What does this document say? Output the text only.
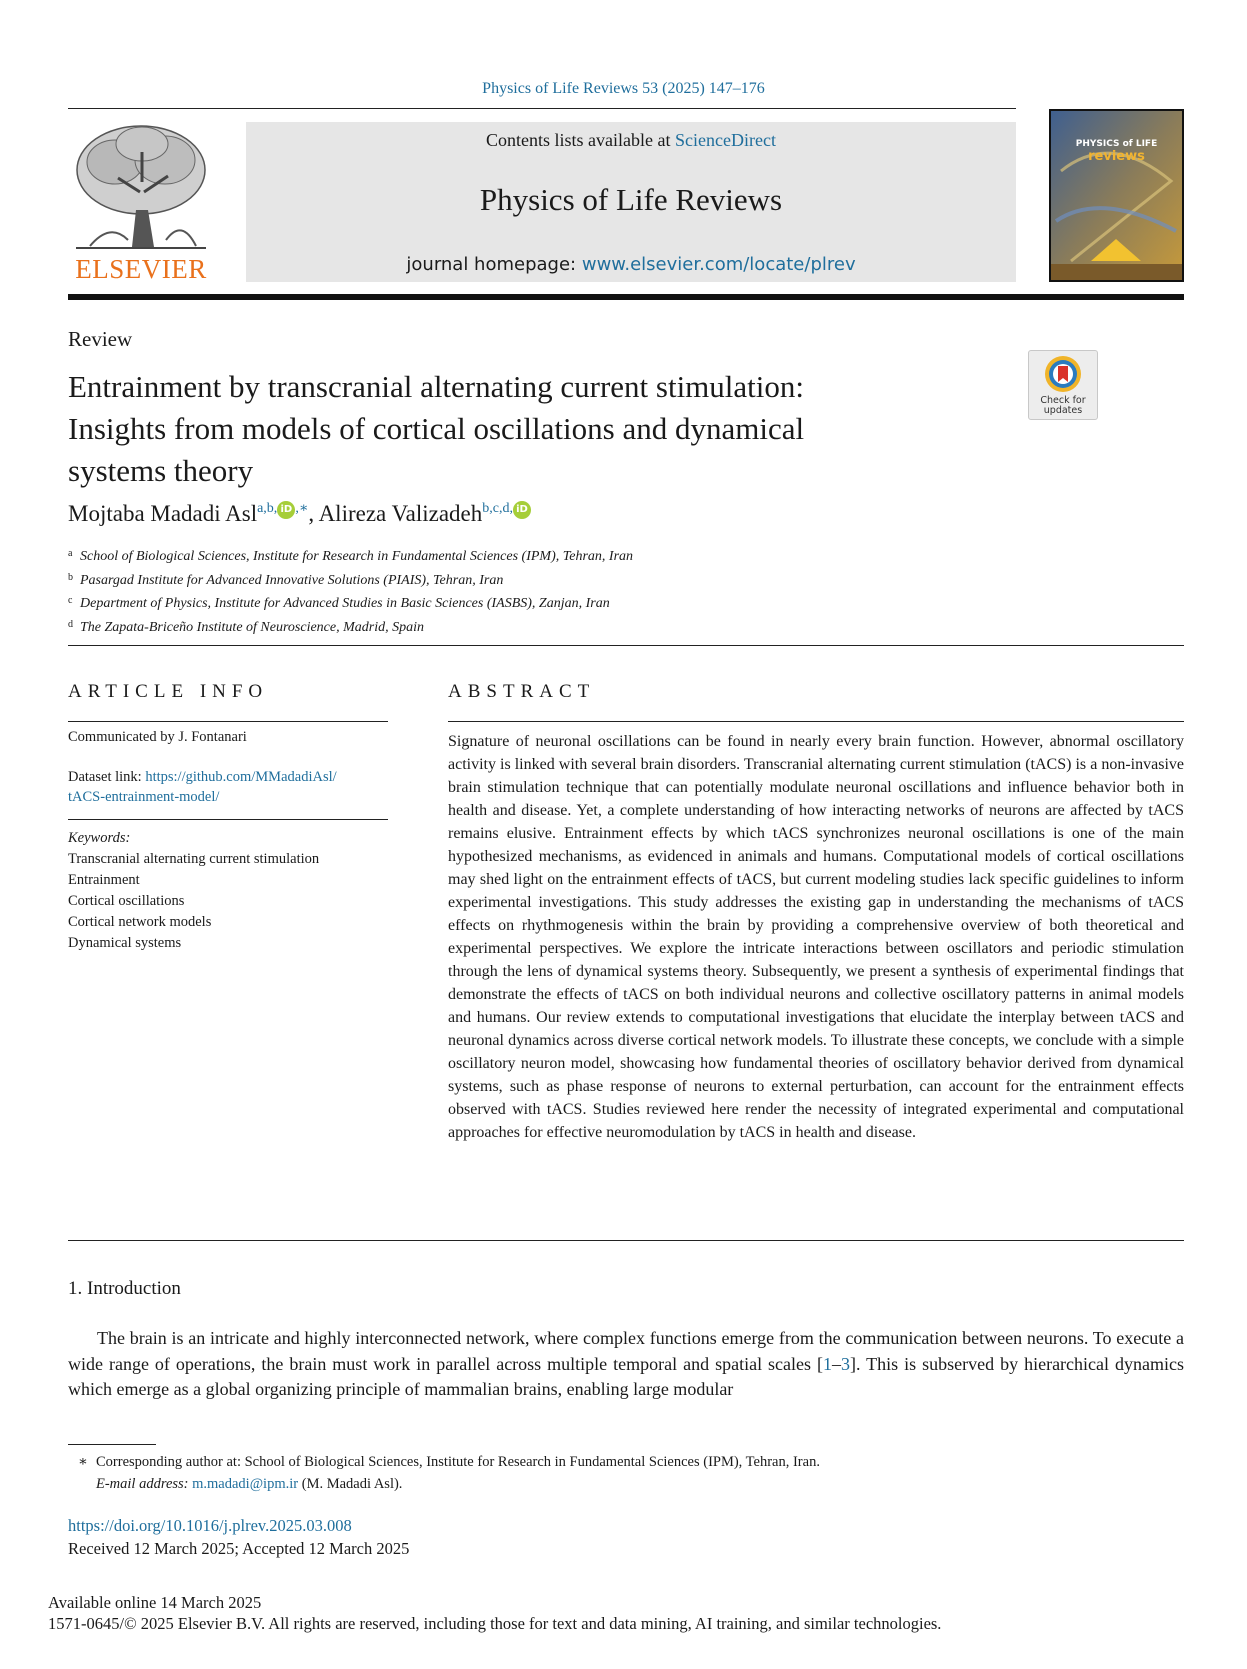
Physics of Life Reviews 53 (2025) 147–176
ELSEVIER
Contents lists available at ScienceDirect
Physics of Life Reviews
journal homepage: www.elsevier.com/locate/plrev
PHYSICS of LIFE
reviews
Review
Entrainment by transcranial alternating current stimulation:
Insights from models of cortical oscillations and dynamical
systems theory
Check for
updates
Mojtaba Madadi Asl$^{a,b,}$ iD ,∗, Alireza Valizadeh$^{b,c,d,}$ iD
a School of Biological Sciences, Institute for Research in Fundamental Sciences (IPM), Tehran, Iran
b Pasargad Institute for Advanced Innovative Solutions (PIAIS), Tehran, Iran
c Department of Physics, Institute for Advanced Studies in Basic Sciences (IASBS), Zanjan, Iran
d The Zapata-Briceño Institute of Neuroscience, Madrid, Spain
ARTICLE INFO
Communicated by J. Fontanari
Dataset link: https://github.com/MMadadiAsl/
tACS-entrainment-model/
Keywords:
Transcranial alternating current stimulation
Entrainment
Cortical oscillations
Cortical network models
Dynamical systems
ABSTRACT
Signature of neuronal oscillations can be found in nearly every brain function. However, abnormal oscillatory activity is linked with several brain disorders. Transcranial alternating current stimulation (tACS) is a non-invasive brain stimulation technique that can potentially modulate neuronal oscillations and influence behavior both in health and disease. Yet, a complete understanding of how interacting networks of neurons are affected by tACS remains elusive. Entrainment effects by which tACS synchronizes neuronal oscillations is one of the main hypothesized mechanisms, as evidenced in animals and humans. Computational models of cortical oscillations may shed light on the entrainment effects of tACS, but current modeling studies lack specific guidelines to inform experimental investigations. This study addresses the existing gap in understanding the mechanisms of tACS effects on rhythmogenesis within the brain by providing a comprehensive overview of both theoretical and experimental perspectives. We explore the intricate interactions between oscillators and periodic stimulation through the lens of dynamical systems theory. Subsequently, we present a synthesis of experimental findings that demonstrate the effects of tACS on both individual neurons and collective oscillatory patterns in animal models and humans. Our review extends to computational investigations that elucidate the interplay between tACS and neuronal dynamics across diverse cortical network models. To illustrate these concepts, we conclude with a simple oscillatory neuron model, showcasing how fundamental theories of oscillatory behavior derived from dynamical systems, such as phase response of neurons to external perturbation, can account for the entrainment effects observed with tACS. Studies reviewed here render the necessity of integrated experimental and computational approaches for effective neuromodulation by tACS in health and disease.
1. Introduction
The brain is an intricate and highly interconnected network, where complex functions emerge from the communication between neurons. To execute a wide range of operations, the brain must work in parallel across multiple temporal and spatial scales [1–3]. This is subserved by hierarchical dynamics which emerge as a global organizing principle of mammalian brains, enabling large modular
∗ Corresponding author at: School of Biological Sciences, Institute for Research in Fundamental Sciences (IPM), Tehran, Iran.
E-mail address: m.madadi@ipm.ir (M. Madadi Asl).
https://doi.org/10.1016/j.plrev.2025.03.008
Received 12 March 2025; Accepted 12 March 2025
Available online 14 March 2025
1571-0645/© 2025 Elsevier B.V. All rights are reserved, including those for text and data mining, AI training, and similar technologies.
